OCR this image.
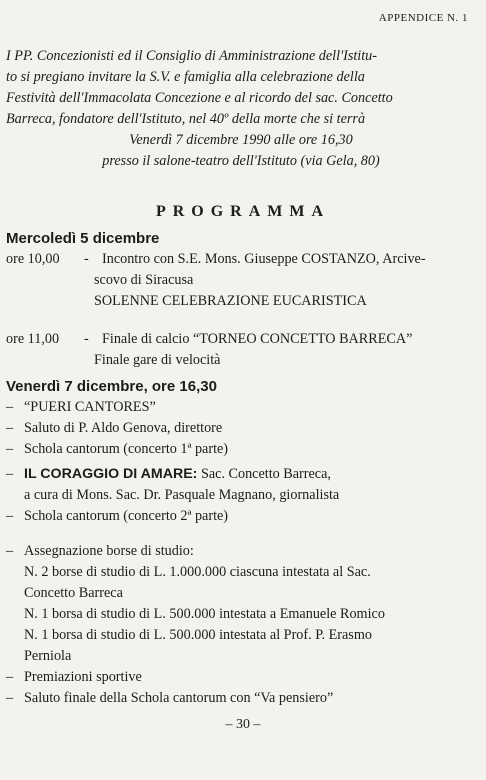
APPENDICE N. 1

I PP. Concezionisti ed il Consiglio di Amministrazione dell'Istitu-

to si pregiano invitare la S.V. e famiglia alla celebrazione della

Festività dell'Immacolata Concezione e al ricordo del sac. Concetto

Barreca, fondatore dell'Istituto, nel 40º della morte che si terrà

Venerdì 7 dicembre 1990 alle ore 16,30

presso il salone-teatro dell'Istituto (via Gela, 80)

PROGRAMMA
Mercoledì 5 dicembre
ore 10,00 - Incontro con S.E. Mons. Giuseppe COSTANZO, Arcive-
scovo di Siracusa
SOLENNE CELEBRAZIONE EUCARISTICA
ore 11,00 - Finale di calcio “TORNEO CONCETTO BARRECA”
Finale gare di velocità
Venerdì 7 dicembre, ore 16,30
– “PUERI CANTORES”
– Saluto di P. Aldo Genova, direttore
– Schola cantorum (concerto 1ª parte)
– IL CORAGGIO DI AMARE: Sac. Concetto Barreca,
a cura di Mons. Sac. Dr. Pasquale Magnano, giornalista
– Schola cantorum (concerto 2ª parte)
– Assegnazione borse di studio:
N. 2 borse di studio di L. 1.000.000 ciascuna intestata al Sac.
Concetto Barreca
N. 1 borsa di studio di L. 500.000 intestata a Emanuele Romico
N. 1 borsa di studio di L. 500.000 intestata al Prof. P. Erasmo
Perniola
– Premiazioni sportive
– Saluto finale della Schola cantorum con “Va pensiero”
– 30 –
